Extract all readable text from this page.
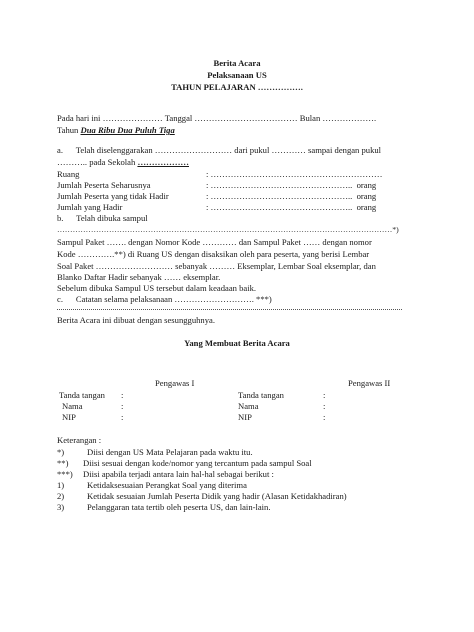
Berita Acara
Pelaksanaan US
TAHUN PELAJARAN …………….
Pada hari ini ………………… Tanggal ……………………………… Bulan ……………….
Tahun Dua Ribu Dua Puluh Tiga
a.      Telah diselenggarakan ……………………… dari pukul ………… sampai dengan pukul
……….. pada Sekolah ………………
Ruang	: ……………………………………………………
Jumlah Peserta Seharusnya	: …………………………………………..  orang
Jumlah Peserta yang tidak Hadir	: …………………………………………..  orang
Jumlah yang Hadir	: …………………………………………..  orang
b.      Telah dibuka sampul
…………………………………………………………………………………………………………………*)
Sampul Paket ……. dengan Nomor Kode ………… dan Sampul Paket …… dengan nomor
Kode ………….**) di Ruang US dengan disaksikan oleh para peserta, yang berisi Lembar
Soal Paket ……………………… sebanyak ……… Eksemplar, Lembar Soal eksemplar, dan
Blanko Daftar Hadir sebanyak …… eksemplar.
Sebelum dibuka Sampul US tersebut dalam keadaan baik.
c.      Catatan selama pelaksanaan ………………………. ***)
Berita Acara ini dibuat dengan sesungguhnya.
Yang Membuat Berita Acara
Pengawas I	Pengawas II
Tanda tangan :	Tanda tangan	:
Nama	:	Nama	:
NIP	:	NIP	:
Keterangan :
*)	Diisi dengan US Mata Pelajaran pada waktu itu.
**) Diisi sesuai dengan kode/nomor yang tercantum pada sampul Soal
***) Diisi apabila terjadi antara lain hal-hal sebagai berikut :
1)	Ketidaksesuaian Perangkat Soal yang diterima
2)	Ketidak sesuaian Jumlah Peserta Didik yang hadir (Alasan Ketidakhadiran)
3)	Pelanggaran tata tertib oleh peserta US, dan lain-lain.
